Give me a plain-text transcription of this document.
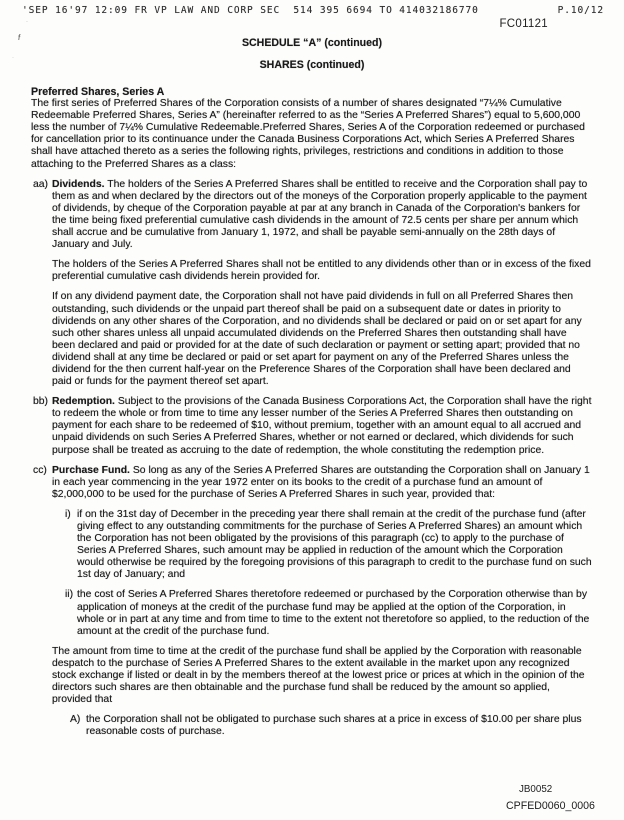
'SEP 16'97 12:09 FR VP LAW AND CORP SEC  514 395 6694 TO 414032186770	P.10/12
FC01121
SCHEDULE “A” (continued)
SHARES (continued)
Preferred Shares, Series A

The first series of Preferred Shares of the Corporation consists of a number of shares designated “7¼% Cumulative Redeemable Preferred Shares, Series A” (hereinafter referred to as the “Series A Preferred Shares”) equal to 5,600,000 less the number of 7¼% Cumulative Redeemable.Preferred Shares, Series A of the Corporation redeemed or purchased for cancellation prior to its continuance under the Canada Business Corporations Act, which Series A Preferred Shares shall have attached thereto as a series the following rights, privileges, restrictions and conditions in addition to those attaching to the Preferred Shares as a class:

aa) Dividends. The holders of the Series A Preferred Shares shall be entitled to receive and the Corporation shall pay to them as and when declared by the directors out of the moneys of the Corporation properly applicable to the payment of dividends, by cheque of the Corporation payable at par at any branch in Canada of the Corporation's bankers for the time being fixed preferential cumulative cash dividends in the amount of 72.5 cents per share per annum which shall accrue and be cumulative from January 1, 1972, and shall be payable semi-annually on the 28th days of January and July.

The holders of the Series A Preferred Shares shall not be entitled to any dividends other than or in excess of the fixed preferential cumulative cash dividends herein provided for.

If on any dividend payment date, the Corporation shall not have paid dividends in full on all Preferred Shares then outstanding, such dividends or the unpaid part thereof shall be paid on a subsequent date or dates in priority to dividends on any other shares of the Corporation, and no dividends shall be declared or paid on or set apart for any such other shares unless all unpaid accumulated dividends on the Preferred Shares then outstanding shall have been declared and paid or provided for at the date of such declaration or payment or setting apart; provided that no dividend shall at any time be declared or paid or set apart for payment on any of the Preferred Shares unless the dividend for the then current half-year on the Preference Shares of the Corporation shall have been declared and paid or funds for the payment thereof set apart.

bb) Redemption. Subject to the provisions of the Canada Business Corporations Act, the Corporation shall have the right to redeem the whole or from time to time any lesser number of the Series A Preferred Shares then outstanding on payment for each share to be redeemed of $10, without premium, together with an amount equal to all accrued and unpaid dividends on such Series A Preferred Shares, whether or not earned or declared, which dividends for such purpose shall be treated as accruing to the date of redemption, the whole constituting the redemption price.

cc) Purchase Fund. So long as any of the Series A Preferred Shares are outstanding the Corporation shall on January 1 in each year commencing in the year 1972 enter on its books to the credit of a purchase fund an amount of $2,000,000 to be used for the purchase of Series A Preferred Shares in such year, provided that:

i) if on the 31st day of December in the preceding year there shall remain at the credit of the purchase fund (after giving effect to any outstanding commitments for the purchase of Series A Preferred Shares) an amount which the Corporation has not been obligated by the provisions of this paragraph (cc) to apply to the purchase of Series A Preferred Shares, such amount may be applied in reduction of the amount which the Corporation would otherwise be required by the foregoing provisions of this paragraph to credit to the purchase fund on such 1st day of January; and
ii) the cost of Series A Preferred Shares theretofore redeemed or purchased by the Corporation otherwise than by application of moneys at the credit of the purchase fund may be applied at the option of the Corporation, in whole or in part at any time and from time to time to the extent not theretofore so applied, to the reduction of the amount at the credit of the purchase fund.

The amount from time to time at the credit of the purchase fund shall be applied by the Corporation with reasonable despatch to the purchase of Series A Preferred Shares to the extent available in the market upon any recognized stock exchange if listed or dealt in by the members thereof at the lowest price or prices at which in the opinion of the directors such shares are then obtainable and the purchase fund shall be reduced by the amount so applied, provided that

A) the Corporation shall not be obligated to purchase such shares at a price in excess of $10.00 per share plus reasonable costs of purchase.
JB0052
CPFED0060_0006
f
·
·
